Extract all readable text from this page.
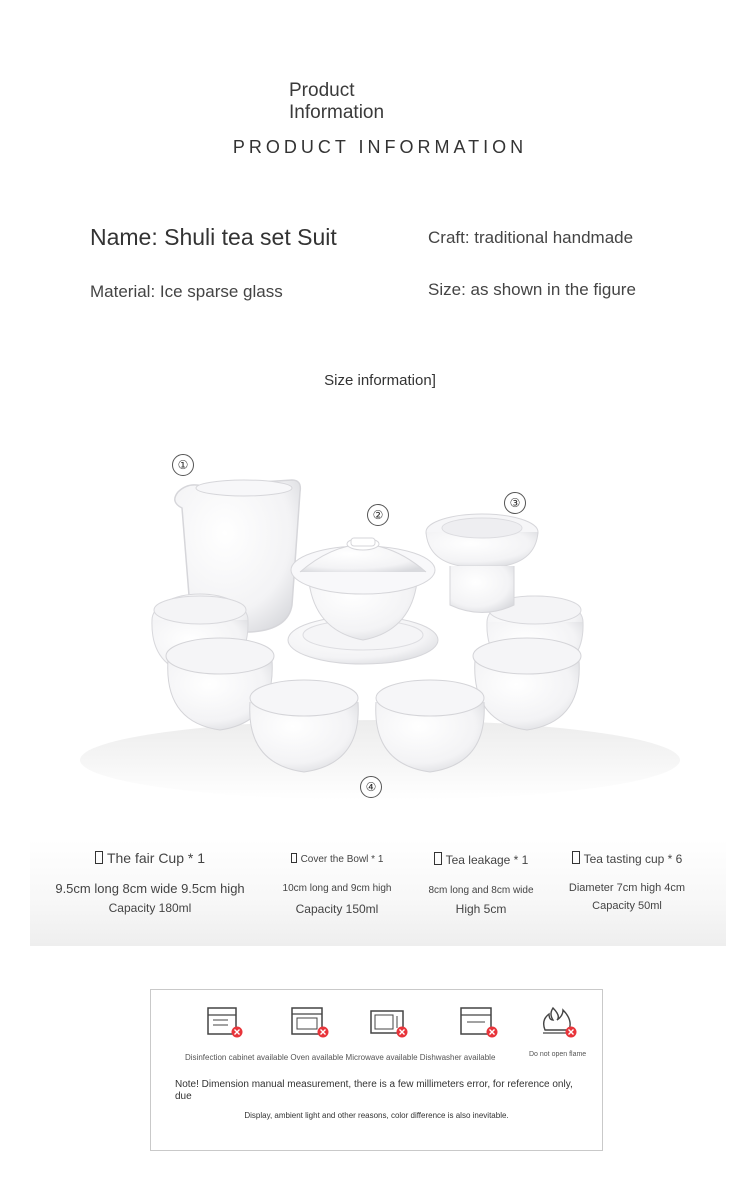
Product
Information
PRODUCT INFORMATION
Name: Shuli tea set Suit	Craft: traditional handmade
Material: Ice sparse glass	Size: as shown in the figure
Size information]
①
②
③
④
The fair Cup * 1
9.5cm long 8cm wide 9.5cm high
Capacity 180ml
Cover the Bowl * 1
10cm long and 9cm high
Capacity 150ml
Tea leakage * 1
8cm long and 8cm wide
High 5cm
Tea tasting cup * 6
Diameter 7cm high 4cm
Capacity 50ml
Disinfection cabinet available Oven available Microwave available Dishwasher available	Do not open flame
Note! Dimension manual measurement, there is a few millimeters error, for reference only, due
Display, ambient light and other reasons, color difference is also inevitable.
